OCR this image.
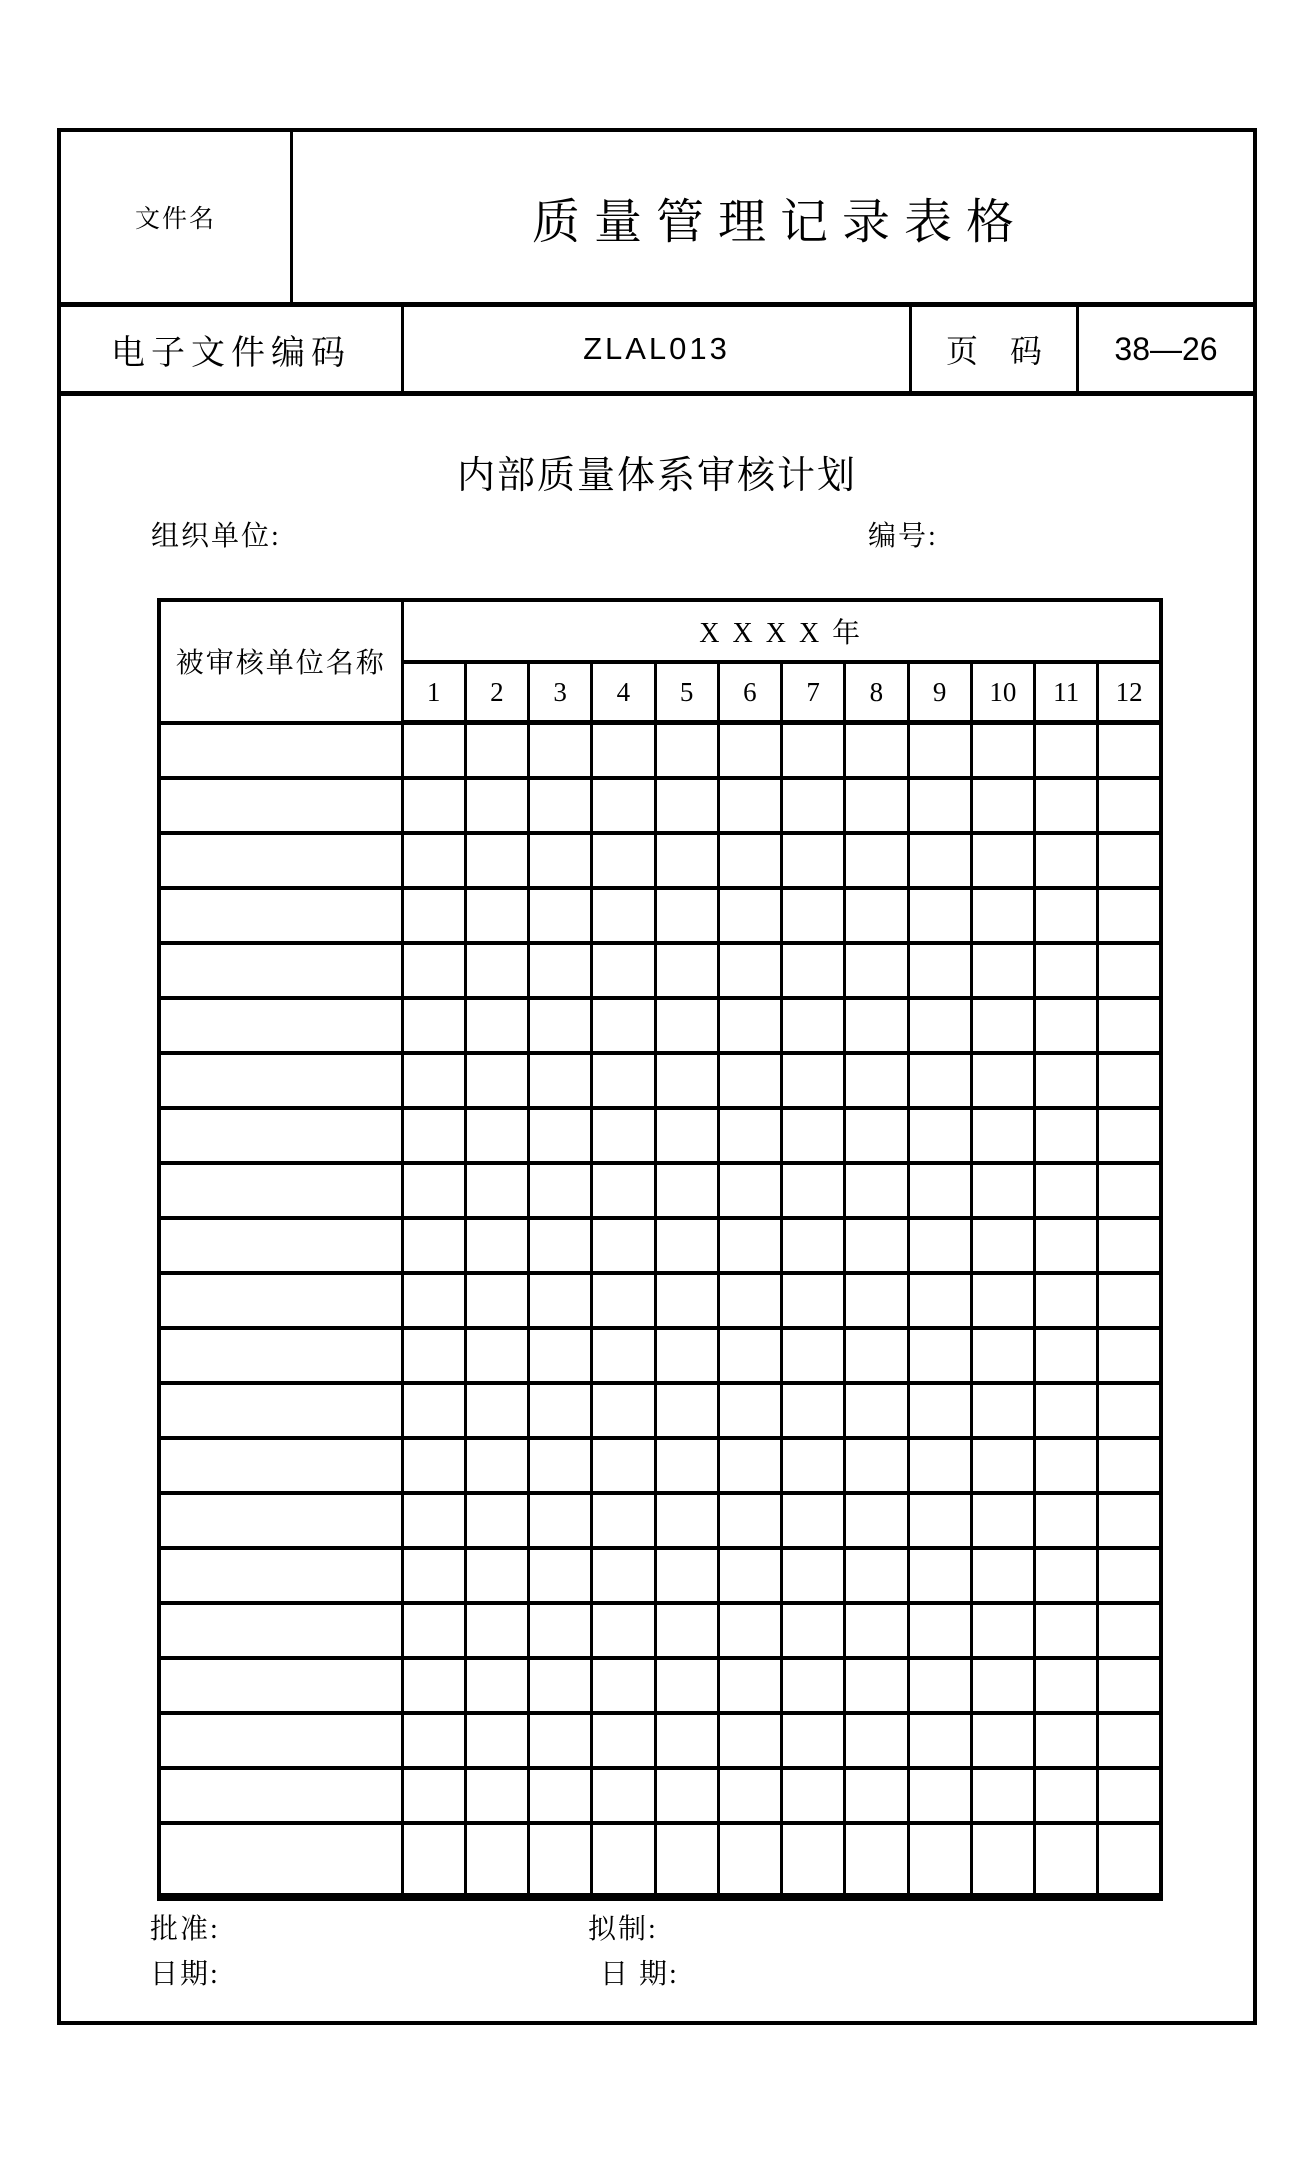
文件名	质量管理记录表格
电子文件编码	ZLAL013	页　码	38—26
内部质量体系审核计划
组织单位:	编号:
被审核单位名称	X X X X 年											
	1	2	3	4	5	6	7	8	9	10	11	12

批准:	拟制:
日期:	日 期:
